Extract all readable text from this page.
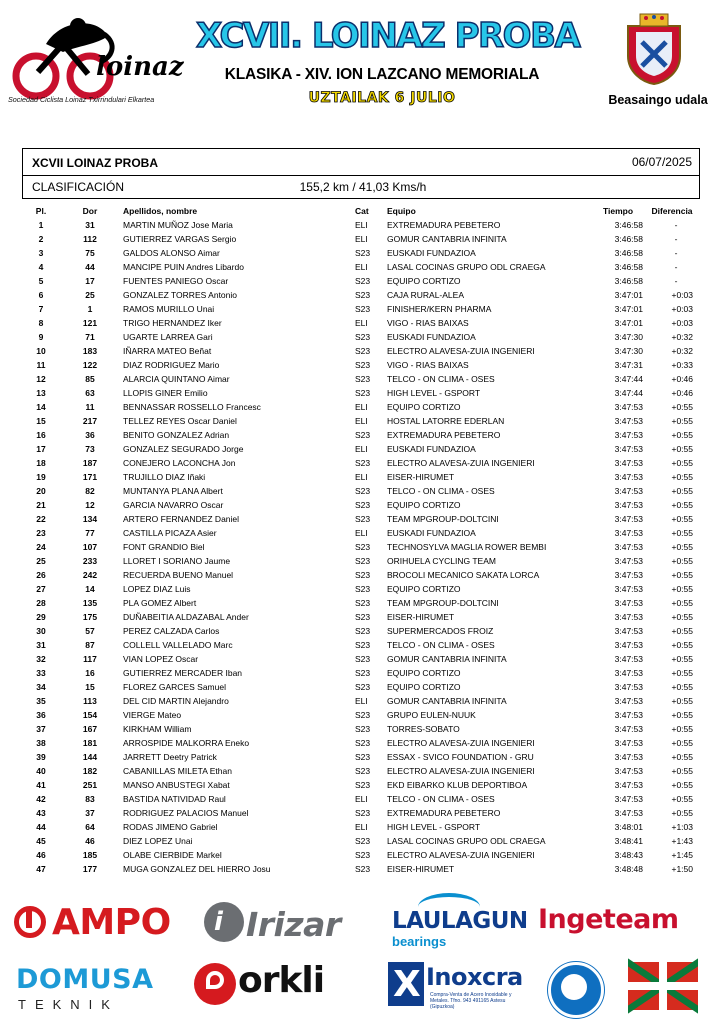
loinaz
Sociedad Ciclista Loinaz Txirrindulari Elkartea
XCVII. LOINAZ PROBA
KLASIKA - XIV. ION LAZCANO MEMORIALA
UZTAILAK 6 JULIO	Beasaingo udala
XCVII LOINAZ PROBA	06/07/2025
CLASIFICACIÓN	155,2 km / 41,03 Kms/h
Pl.	Dor	Apellidos, nombre	Cat	Equipo	Tiempo	Diferencia
1	31	MARTIN MUÑOZ Jose Maria	ELI	EXTREMADURA PEBETERO	3:46:58	-
2	112	GUTIERREZ VARGAS Sergio	ELI	GOMUR CANTABRIA INFINITA	3:46:58	-
3	75	GALDOS ALONSO Aimar	S23	EUSKADI FUNDAZIOA	3:46:58	-
4	44	MANCIPE PUIN Andres Libardo	ELI	LASAL COCINAS GRUPO ODL CRAEGA	3:46:58	-
5	17	FUENTES PANIEGO Oscar	S23	EQUIPO CORTIZO	3:46:58	-
6	25	GONZALEZ TORRES Antonio	S23	CAJA RURAL-ALEA	3:47:01	+0:03
7	1	RAMOS MURILLO Unai	S23	FINISHER/KERN PHARMA	3:47:01	+0:03
8	121	TRIGO HERNANDEZ Iker	ELI	VIGO - RIAS BAIXAS	3:47:01	+0:03
9	71	UGARTE LARREA Gari	S23	EUSKADI FUNDAZIOA	3:47:30	+0:32
10	183	IÑARRA MATEO Beñat	S23	ELECTRO ALAVESA-ZUIA INGENIERI	3:47:30	+0:32
11	122	DIAZ RODRIGUEZ Mario	S23	VIGO - RIAS BAIXAS	3:47:31	+0:33
12	85	ALARCIA QUINTANO Aimar	S23	TELCO - ON CLIMA - OSES	3:47:44	+0:46
13	63	LLOPIS GINER Emilio	S23	HIGH LEVEL - GSPORT	3:47:44	+0:46
14	11	BENNASSAR ROSSELLO Francesc	ELI	EQUIPO CORTIZO	3:47:53	+0:55
15	217	TELLEZ REYES Oscar Daniel	ELI	HOSTAL LATORRE EDERLAN	3:47:53	+0:55
16	36	BENITO GONZALEZ Adrian	S23	EXTREMADURA PEBETERO	3:47:53	+0:55
17	73	GONZALEZ SEGURADO Jorge	ELI	EUSKADI FUNDAZIOA	3:47:53	+0:55
18	187	CONEJERO LACONCHA Jon	S23	ELECTRO ALAVESA-ZUIA INGENIERI	3:47:53	+0:55
19	171	TRUJILLO DIAZ Iñaki	ELI	EISER-HIRUMET	3:47:53	+0:55
20	82	MUNTANYA PLANA Albert	S23	TELCO - ON CLIMA - OSES	3:47:53	+0:55
21	12	GARCIA NAVARRO Oscar	S23	EQUIPO CORTIZO	3:47:53	+0:55
22	134	ARTERO FERNANDEZ Daniel	S23	TEAM MPGROUP-DOLTCINI	3:47:53	+0:55
23	77	CASTILLA PICAZA Asier	ELI	EUSKADI FUNDAZIOA	3:47:53	+0:55
24	107	FONT GRANDIO Biel	S23	TECHNOSYLVA MAGLIA ROWER BEMBI	3:47:53	+0:55
25	233	LLORET I SORIANO Jaume	S23	ORIHUELA CYCLING TEAM	3:47:53	+0:55
26	242	RECUERDA BUENO Manuel	S23	BROCOLI MECANICO SAKATA LORCA	3:47:53	+0:55
27	14	LOPEZ DIAZ Luis	S23	EQUIPO CORTIZO	3:47:53	+0:55
28	135	PLA GOMEZ Albert	S23	TEAM MPGROUP-DOLTCINI	3:47:53	+0:55
29	175	DUÑABEITIA ALDAZABAL Ander	S23	EISER-HIRUMET	3:47:53	+0:55
30	57	PEREZ CALZADA Carlos	S23	SUPERMERCADOS FROIZ	3:47:53	+0:55
31	87	COLLELL VALLELADO Marc	S23	TELCO - ON CLIMA - OSES	3:47:53	+0:55
32	117	VIAN LOPEZ Oscar	S23	GOMUR CANTABRIA INFINITA	3:47:53	+0:55
33	16	GUTIERREZ MERCADER Iban	S23	EQUIPO CORTIZO	3:47:53	+0:55
34	15	FLOREZ GARCES Samuel	S23	EQUIPO CORTIZO	3:47:53	+0:55
35	113	DEL CID MARTIN Alejandro	ELI	GOMUR CANTABRIA INFINITA	3:47:53	+0:55
36	154	VIERGE Mateo	S23	GRUPO EULEN-NUUK	3:47:53	+0:55
37	167	KIRKHAM William	S23	TORRES-SOBATO	3:47:53	+0:55
38	181	ARROSPIDE MALKORRA Eneko	S23	ELECTRO ALAVESA-ZUIA INGENIERI	3:47:53	+0:55
39	144	JARRETT Deetry Patrick	S23	ESSAX - SVICO FOUNDATION - GRU	3:47:53	+0:55
40	182	CABANILLAS MILETA Ethan	S23	ELECTRO ALAVESA-ZUIA INGENIERI	3:47:53	+0:55
41	251	MANSO ANBUSTEGI Xabat	S23	EKD EIBARKO KLUB DEPORTIBOA	3:47:53	+0:55
42	83	BASTIDA NATIVIDAD Raul	ELI	TELCO - ON CLIMA - OSES	3:47:53	+0:55
43	37	RODRIGUEZ PALACIOS Manuel	S23	EXTREMADURA PEBETERO	3:47:53	+0:55
44	64	RODAS JIMENO Gabriel	ELI	HIGH LEVEL - GSPORT	3:48:01	+1:03
45	46	DIEZ LOPEZ Unai	S23	LASAL COCINAS GRUPO ODL CRAEGA	3:48:41	+1:43
46	185	OLABE CIERBIDE Markel	S23	ELECTRO ALAVESA-ZUIA INGENIERI	3:48:43	+1:45
47	177	MUGA GONZALEZ DEL HIERRO Josu	S23	EISER-HIRUMET	3:48:48	+1:50
AMPO i Irizar LAULAGUN
bearings
Ingeteam
DOMUSA
TEKNIK
orkli X Inoxcra
Compra-Venta de Acero Inoxidable y Metales. Tfno. 943 491165 Astesu (Gipuzkoa)
